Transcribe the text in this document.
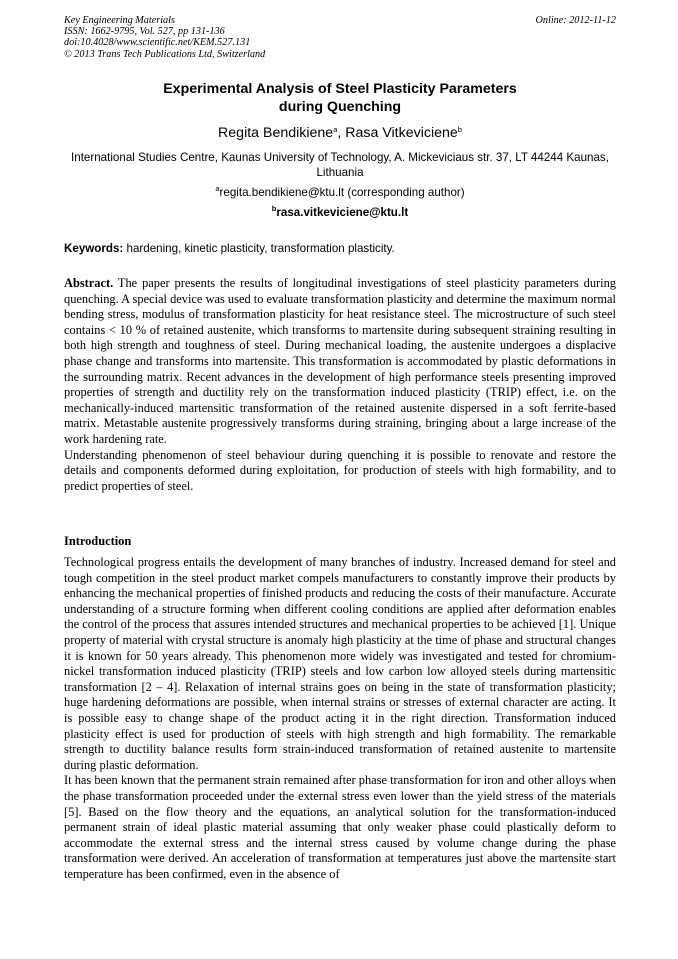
Key Engineering Materials
ISSN: 1662-9795, Vol. 527, pp 131-136
doi:10.4028/www.scientific.net/KEM.527.131
© 2013 Trans Tech Publications Ltd, Switzerland
Online: 2012-11-12
Experimental Analysis of Steel Plasticity Parameters
during Quenching
Regita Bendikiene$^a$, Rasa Vitkeviciene$^b$
International Studies Centre, Kaunas University of Technology, A. Mickeviciaus str. 37, LT 44244 Kaunas, Lithuania
$^a$regita.bendikiene@ktu.lt (corresponding author)
$^b$rasa.vitkeviciene@ktu.lt
Keywords: hardening, kinetic plasticity, transformation plasticity.

Abstract. The paper presents the results of longitudinal investigations of steel plasticity parameters during quenching. A special device was used to evaluate transformation plasticity and determine the maximum normal bending stress, modulus of transformation plasticity for heat resistance steel. The microstructure of such steel contains < 10 % of retained austenite, which transforms to martensite during subsequent straining resulting in both high strength and toughness of steel. During mechanical loading, the austenite undergoes a displacive phase change and transforms into martensite. This transformation is accommodated by plastic deformations in the surrounding matrix. Recent advances in the development of high performance steels presenting improved properties of strength and ductility rely on the transformation induced plasticity (TRIP) effect, i.e. on the mechanically-induced martensitic transformation of the retained austenite dispersed in a soft ferrite-based matrix. Metastable austenite progressively transforms during straining, bringing about a large increase of the work hardening rate.

Understanding phenomenon of steel behaviour during quenching it is possible to renovate and restore the details and components deformed during exploitation, for production of steels with high formability, and to predict properties of steel.

Introduction

Technological progress entails the development of many branches of industry. Increased demand for steel and tough competition in the steel product market compels manufacturers to constantly improve their products by enhancing the mechanical properties of finished products and reducing the costs of their manufacture. Accurate understanding of a structure forming when different cooling conditions are applied after deformation enables the control of the process that assures intended structures and mechanical properties to be achieved [1]. Unique property of material with crystal structure is anomaly high plasticity at the time of phase and structural changes it is known for 50 years already. This phenomenon more widely was investigated and tested for chromium-nickel transformation induced plasticity (TRIP) steels and low carbon low alloyed steels during martensitic transformation [2 – 4]. Relaxation of internal strains goes on being in the state of transformation plasticity; huge hardening deformations are possible, when internal strains or stresses of external character are acting. It is possible easy to change shape of the product acting it in the right direction. Transformation induced plasticity effect is used for production of steels with high strength and high formability. The remarkable strength to ductility balance results form strain-induced transformation of retained austenite to martensite during plastic deformation.

It has been known that the permanent strain remained after phase transformation for iron and other alloys when the phase transformation proceeded under the external stress even lower than the yield stress of the materials [5]. Based on the flow theory and the equations, an analytical solution for the transformation-induced permanent strain of ideal plastic material assuming that only weaker phase could plastically deform to accommodate the external stress and the internal stress caused by volume change during the phase transformation were derived. An acceleration of transformation at temperatures just above the martensite start temperature has been confirmed, even in the absence of
